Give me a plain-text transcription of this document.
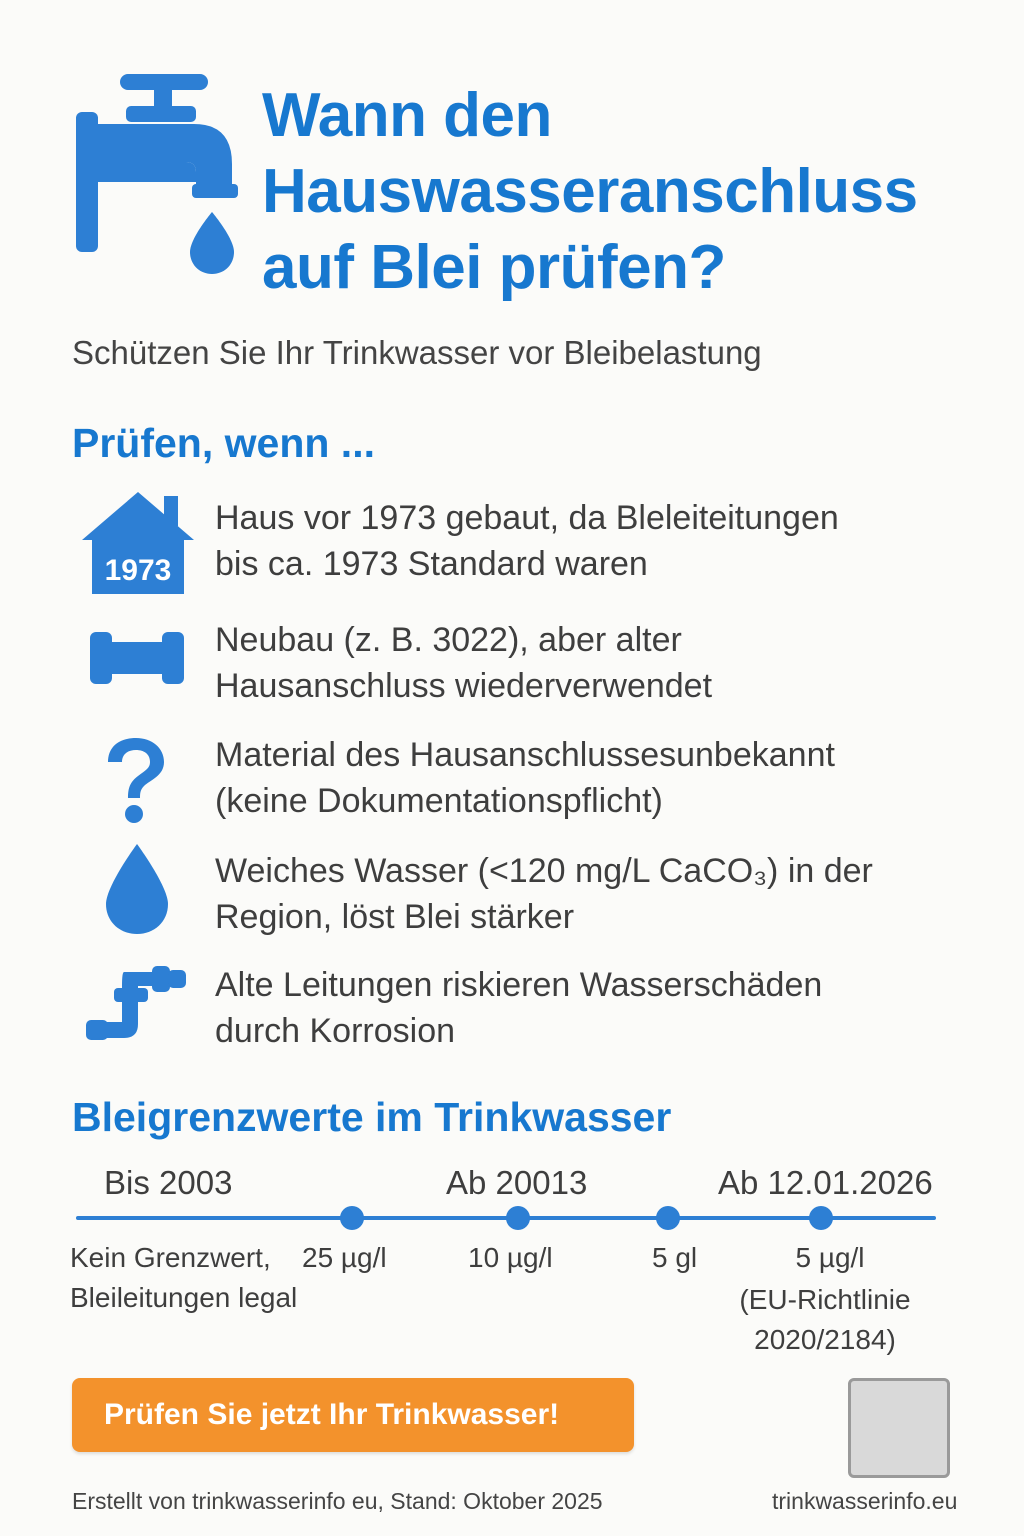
Wann den
Hauswasseranschluss
auf Blei prüfen?
Schützen Sie Ihr Trinkwasser vor Bleibelastung
Prüfen, wenn ...
1973
Haus vor 1973 gebaut, da Bleleiteitungen
bis ca. 1973 Standard waren
Neubau (z. B. 3022), aber alter
Hausanschluss wiederverwendet
Material des Hausanschlussesunbekannt
(keine Dokumentationspflicht)
Weiches Wasser (<120 mg/L CaCO₃) in der
Region, löst Blei stärker
Alte Leitungen riskieren Wasserschäden
durch Korrosion
Bleigrenzwerte im Trinkwasser
Bis 2003	Ab 20013	Ab 12.01.2026
Kein Grenzwert,
Bleileitungen legal
25 µg/l	10 µg/l	5 gl	5 µg/l
(EU-Richtlinie
2020/2184)
Prüfen Sie jetzt Ihr Trinkwasser!
Erstellt von trinkwasserinfo eu, Stand: Oktober 2025	trinkwasserinfo.eu
